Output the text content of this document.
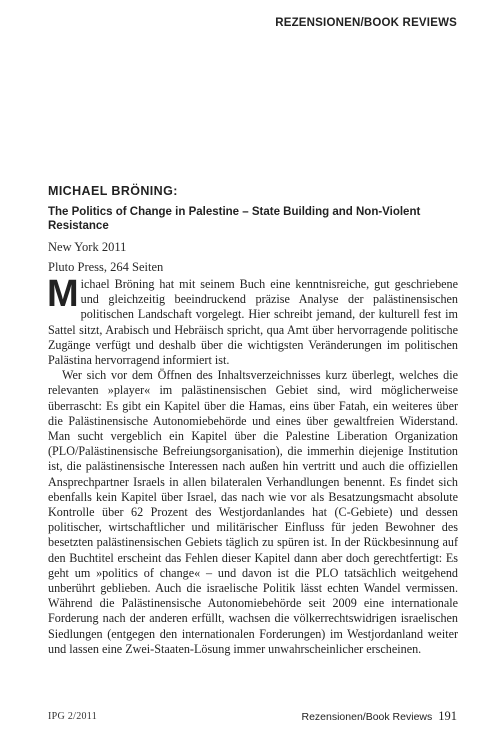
REZENSIONEN/BOOK REVIEWS
MICHAEL BRÖNING:
The Politics of Change in Palestine – State Building and Non-Violent Resistance
New York 2011
Pluto Press, 264 Seiten

Michael Bröning hat mit seinem Buch eine kenntnisreiche, gut geschriebene und gleichzeitig beeindruckend präzise Analyse der palästinensischen politischen Landschaft vorgelegt. Hier schreibt jemand, der kulturell fest im Sattel sitzt, Arabisch und Hebräisch spricht, qua Amt über hervorragende politische Zugänge verfügt und deshalb über die wichtigsten Veränderungen im politischen Palästina hervorragend informiert ist.

Wer sich vor dem Öffnen des Inhaltsverzeichnisses kurz überlegt, welches die relevanten »player« im palästinensischen Gebiet sind, wird möglicherweise überrascht: Es gibt ein Kapitel über die Hamas, eins über Fatah, ein weiteres über die Palästinensische Autonomiebehörde und eines über gewaltfreien Widerstand. Man sucht vergeblich ein Kapitel über die Palestine Liberation Organization (PLO/Palästinensische Befreiungsorganisation), die immerhin diejenige Institution ist, die palästinensische Interessen nach außen hin vertritt und auch die offiziellen Ansprechpartner Israels in allen bilateralen Verhandlungen benennt. Es findet sich ebenfalls kein Kapitel über Israel, das nach wie vor als Besatzungsmacht absolute Kontrolle über 62 Prozent des Westjordanlandes hat (C-Gebiete) und dessen politischer, wirtschaftlicher und militärischer Einfluss für jeden Bewohner des besetzten palästinensischen Gebiets täglich zu spüren ist. In der Rückbesinnung auf den Buchtitel erscheint das Fehlen dieser Kapitel dann aber doch gerechtfertigt: Es geht um »politics of change« – und davon ist die PLO tatsächlich weitgehend unberührt geblieben. Auch die israelische Politik lässt echten Wandel vermissen. Während die Palästinensische Autonomiebehörde seit 2009 eine internationale Forderung nach der anderen erfüllt, wachsen die völkerrechtswidrigen israelischen Siedlungen (entgegen den internationalen Forderungen) im Westjordanland weiter und lassen eine Zwei-Staaten-Lösung immer unwahrscheinlicher erscheinen.

IPG 2/2011	Rezensionen/Book Reviews 191
